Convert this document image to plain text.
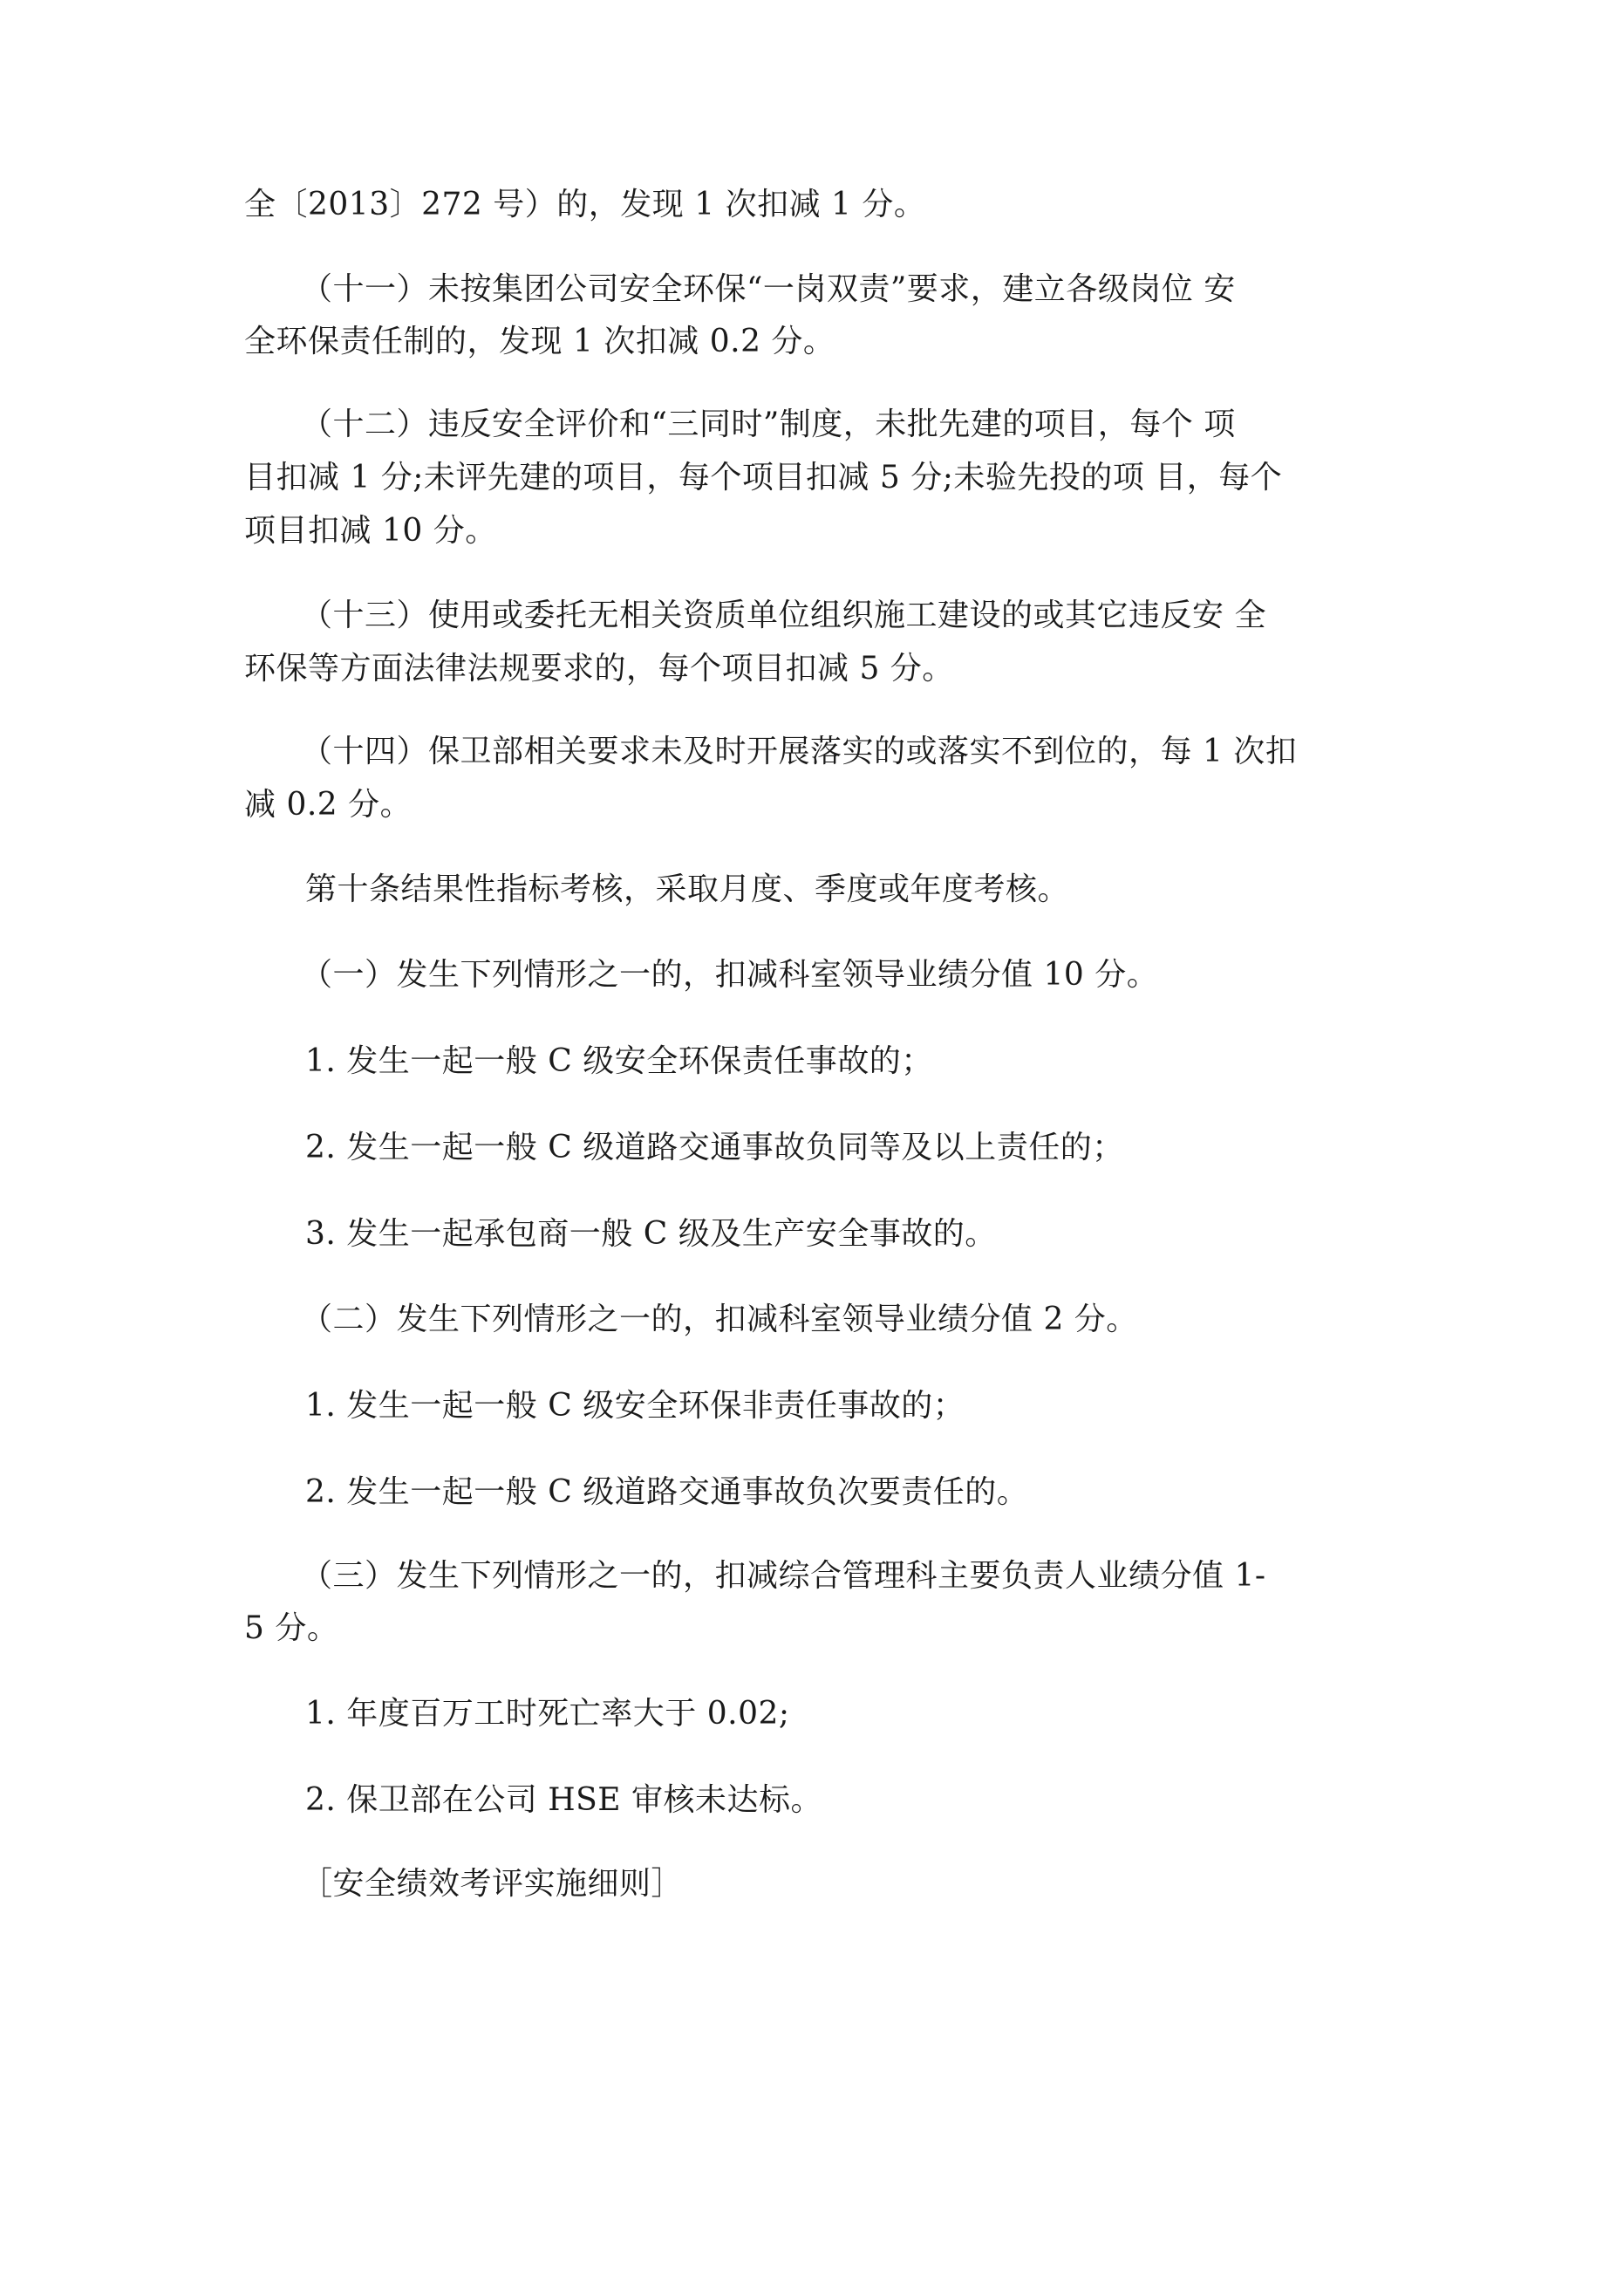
全〔2013〕272 号）的，发现 1 次扣减 1 分。
（十一）未按集团公司安全环保“一岗双责”要求，建立各级岗位 安
全环保责任制的，发现 1 次扣减 0.2 分。
（十二）违反安全评价和“三同时”制度，未批先建的项目，每个 项
目扣减 1 分;未评先建的项目，每个项目扣减 5 分;未验先投的项 目，每个
项目扣减 10 分。
（十三）使用或委托无相关资质单位组织施工建设的或其它违反安 全
环保等方面法律法规要求的，每个项目扣减 5 分。
（十四）保卫部相关要求未及时开展落实的或落实不到位的，每 1 次扣
减 0.2 分。
第十条结果性指标考核，采取月度、季度或年度考核。
（一）发生下列情形之一的，扣减科室领导业绩分值 10 分。
1. 发生一起一般 C 级安全环保责任事故的；
2. 发生一起一般 C 级道路交通事故负同等及以上责任的；
3. 发生一起承包商一般 C 级及生产安全事故的。
（二）发生下列情形之一的，扣减科室领导业绩分值 2 分。
1. 发生一起一般 C 级安全环保非责任事故的；
2. 发生一起一般 C 级道路交通事故负次要责任的。
（三）发生下列情形之一的，扣减综合管理科主要负责人业绩分值 1-
5 分。
1. 年度百万工时死亡率大于 0.02;
2. 保卫部在公司 HSE 审核未达标。
［安全绩效考评实施细则］
